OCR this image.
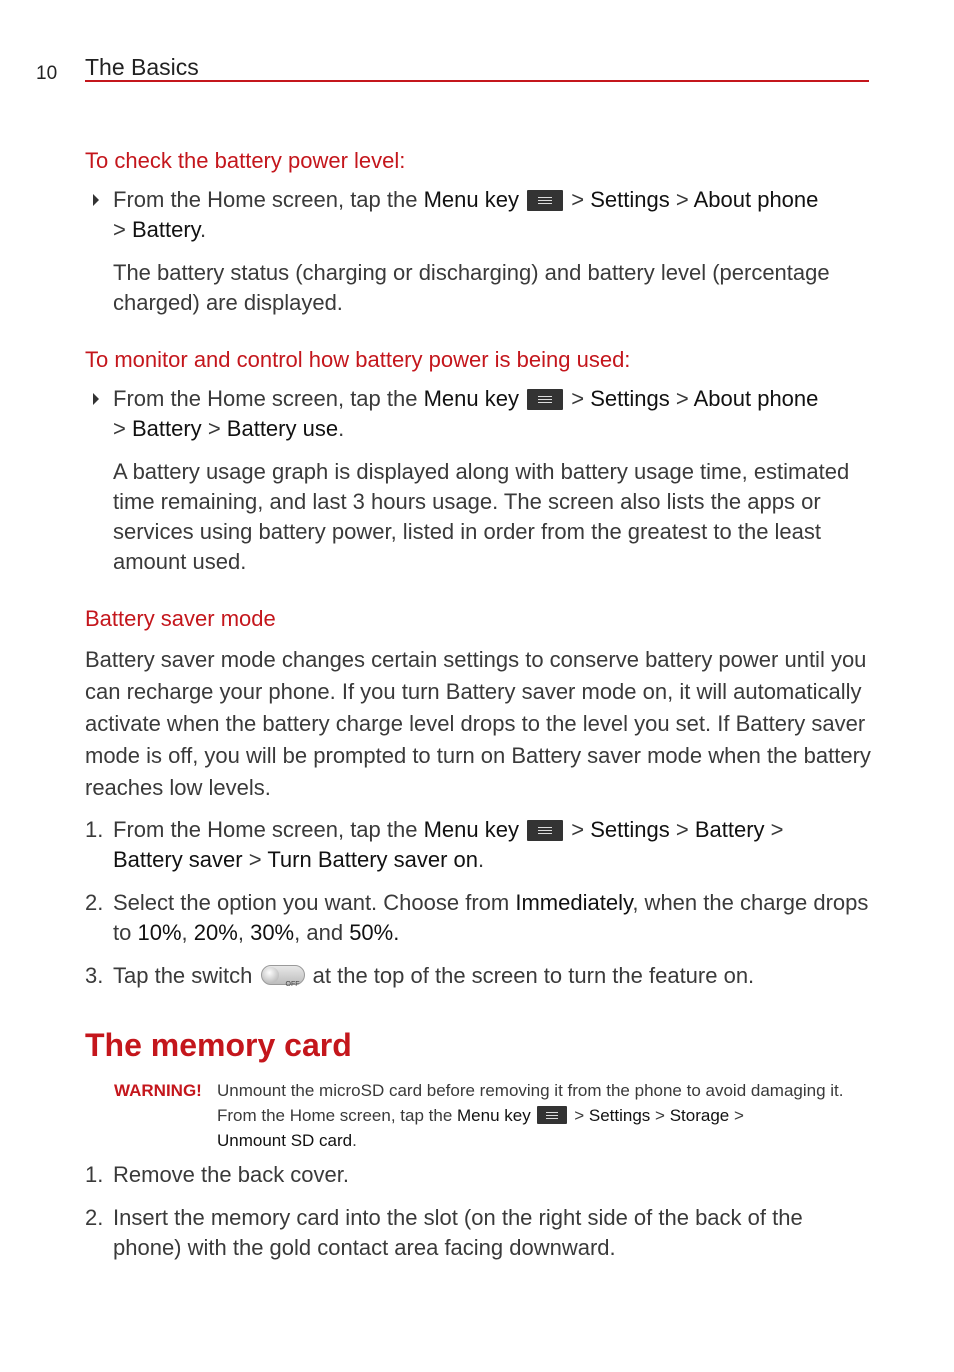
10 The Basics
To check the battery power level:
From the Home screen, tap the Menu key > Settings > About phone
> Battery.
The battery status (charging or discharging) and battery level (percentage charged) are displayed.
To monitor and control how battery power is being used:
From the Home screen, tap the Menu key > Settings > About phone
> Battery > Battery use.
A battery usage graph is displayed along with battery usage time, estimated time remaining, and last 3 hours usage. The screen also lists the apps or services using battery power, listed in order from the greatest to the least amount used.
Battery saver mode
Battery saver mode changes certain settings to conserve battery power until you can recharge your phone. If you turn Battery saver mode on, it will automatically activate when the battery charge level drops to the level you set. If Battery saver mode is off, you will be prompted to turn on Battery saver mode when the battery reaches low levels.
1. From the Home screen, tap the Menu key > Settings > Battery >
Battery saver > Turn Battery saver on.
2. Select the option you want. Choose from Immediately, when the charge drops to 10%, 20%, 30%, and 50%.
3. Tap the switch	OFF at the top of the screen to turn the feature on.
The memory card
WARNING! Unmount the microSD card before removing it from the phone to avoid damaging it. From the Home screen, tap the Menu key	> Settings > Storage >
Unmount SD card.
1. Remove the back cover.
2. Insert the memory card into the slot (on the right side of the back of the phone) with the gold contact area facing downward.
